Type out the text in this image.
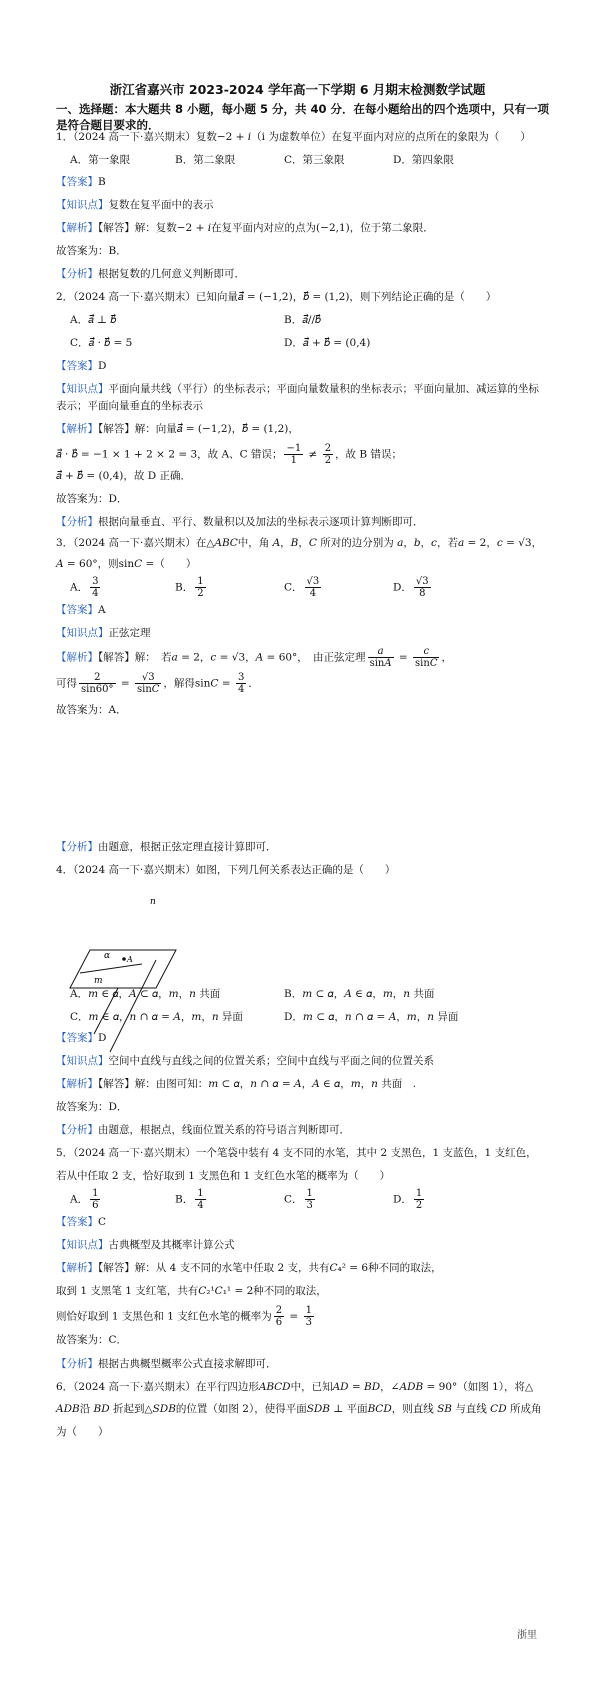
浙江省嘉兴市 2023-2024 学年高一下学期 6 月期末检测数学试题
一、选择题：本大题共 8 小题，每小题 5 分，共 40 分．在每小题给出的四个选项中，只有一项是符合题目要求的．
1．（2024 高一下·嘉兴期末）复数−2 + 𝑖（i 为虚数单位）在复平面内对应的点所在的象限为（　　）
A．第一象限	B．第二象限	C．第三象限	D．第四象限
【答案】B
【知识点】复数在复平面中的表示
【解析】【解答】解：复数−2 + 𝑖在复平面内对应的点为(−2,1)，位于第二象限．
故答案为：B．
【分析】根据复数的几何意义判断即可．
2．（2024 高一下·嘉兴期末）已知向量𝑎⃗ = (−1,2)，𝑏⃗ = (1,2)，则下列结论正确的是（　　）
A．𝑎⃗ ⊥ 𝑏⃗	B．𝑎⃗//𝑏⃗
C．𝑎⃗ · 𝑏⃗ = 5	D．𝑎⃗ + 𝑏⃗ = (0,4)
【答案】D
【知识点】平面向量共线（平行）的坐标表示；平面向量数量积的坐标表示；平面向量加、减运算的坐标
表示；平面向量垂直的坐标表示
【解析】【解答】解：向量𝑎⃗ = (−1,2)，𝑏⃗ = (1,2)，
𝑎⃗ · 𝑏⃗ = −1 × 1 + 2 × 2 = 3，故 A、C 错误； $\frac{-1}{1} \ne \frac{2}{2}$ ，故 B 错误；
𝑎⃗ + 𝑏⃗ = (0,4)，故 D 正确．
故答案为：D．
【分析】根据向量垂直、平行、数量积以及加法的坐标表示逐项计算判断即可．
3．（2024 高一下·嘉兴期末）在△𝐴𝐵𝐶中，角 𝐴，𝐵，𝐶 所对的边分别为 𝑎，𝑏，𝑐，若𝑎 = 2，𝑐 = √3，
𝐴 = 60°，则sin𝐶 =（　　）
A． $\frac{3}{4}$	B． $\frac{1}{2}$	C． $\frac{√3}{4}$	D． $\frac{√3}{8}$
【答案】A
【知识点】正弦定理
【解析】【解答】解：　若𝑎 = 2，𝑐 = √3，𝐴 = 60°，　由正弦定理 $\frac{\text{𝑎}}{\text{sin𝐴}} = \frac{\text{𝑐}}{\text{sin𝐶}}$ ，
可得 $\frac{2}{\sin 60^\circ} = \frac{√3}{\text{sin𝐶}}$ ，解得sin𝐶 = $\frac{3}{4}$ ．
故答案为：A．
【分析】由题意，根据正弦定理直接计算即可．
4．（2024 高一下·嘉兴期末）如图，下列几何关系表达正确的是（　　）
n
α A
m
A．𝑚 ∈ 𝛼，𝐴 ⊂ 𝛼，𝑚，𝑛 共面	B．𝑚 ⊂ 𝛼，𝐴 ∈ 𝛼，𝑚，𝑛 共面
C．𝑚 ∈ 𝛼，𝑛 ∩ 𝛼 = 𝐴，𝑚，𝑛 异面	D．𝑚 ⊂ 𝛼，𝑛 ∩ 𝛼 = 𝐴，𝑚，𝑛 异面
【答案】D
【知识点】空间中直线与直线之间的位置关系；空间中直线与平面之间的位置关系
【解析】【解答】解：由图可知：𝑚 ⊂ 𝛼，𝑛 ∩ 𝛼 = 𝐴，𝐴 ∈ 𝛼，𝑚，𝑛 共面　.
故答案为：D．
【分析】由题意，根据点，线面位置关系的符号语言判断即可．
5．（2024 高一下·嘉兴期末）一个笔袋中装有 4 支不同的水笔，其中 2 支黑色，1 支蓝色，1 支红色，
若从中任取 2 支，恰好取到 1 支黑色和 1 支红色水笔的概率为（　　）
A． $\frac{1}{6}$	B． $\frac{1}{4}$	C． $\frac{1}{3}$	D． $\frac{1}{2}$
【答案】C
【知识点】古典概型及其概率计算公式
【解析】【解答】解：从 4 支不同的水笔中任取 2 支，共有𝐶₄² = 6种不同的取法，
取到 1 支黑笔 1 支红笔，共有𝐶₂¹𝐶₁¹ = 2种不同的取法，
则恰好取到 1 支黑色和 1 支红色水笔的概率为 $\frac{2}{6} = \frac{1}{3}$
故答案为：C．
【分析】根据古典概型概率公式直接求解即可．
6．（2024 高一下·嘉兴期末）在平行四边形𝐴𝐵𝐶𝐷中，已知𝐴𝐷 = 𝐵𝐷，∠𝐴𝐷𝐵 = 90°（如图 1），将△
𝐴𝐷𝐵沿 𝐵𝐷 折起到△𝑆𝐷𝐵的位置（如图 2），使得平面𝑆𝐷𝐵 ⊥ 平面𝐵𝐶𝐷，则直线 𝑆𝐵 与直线 𝐶𝐷 所成角
为（　　）
浙里
